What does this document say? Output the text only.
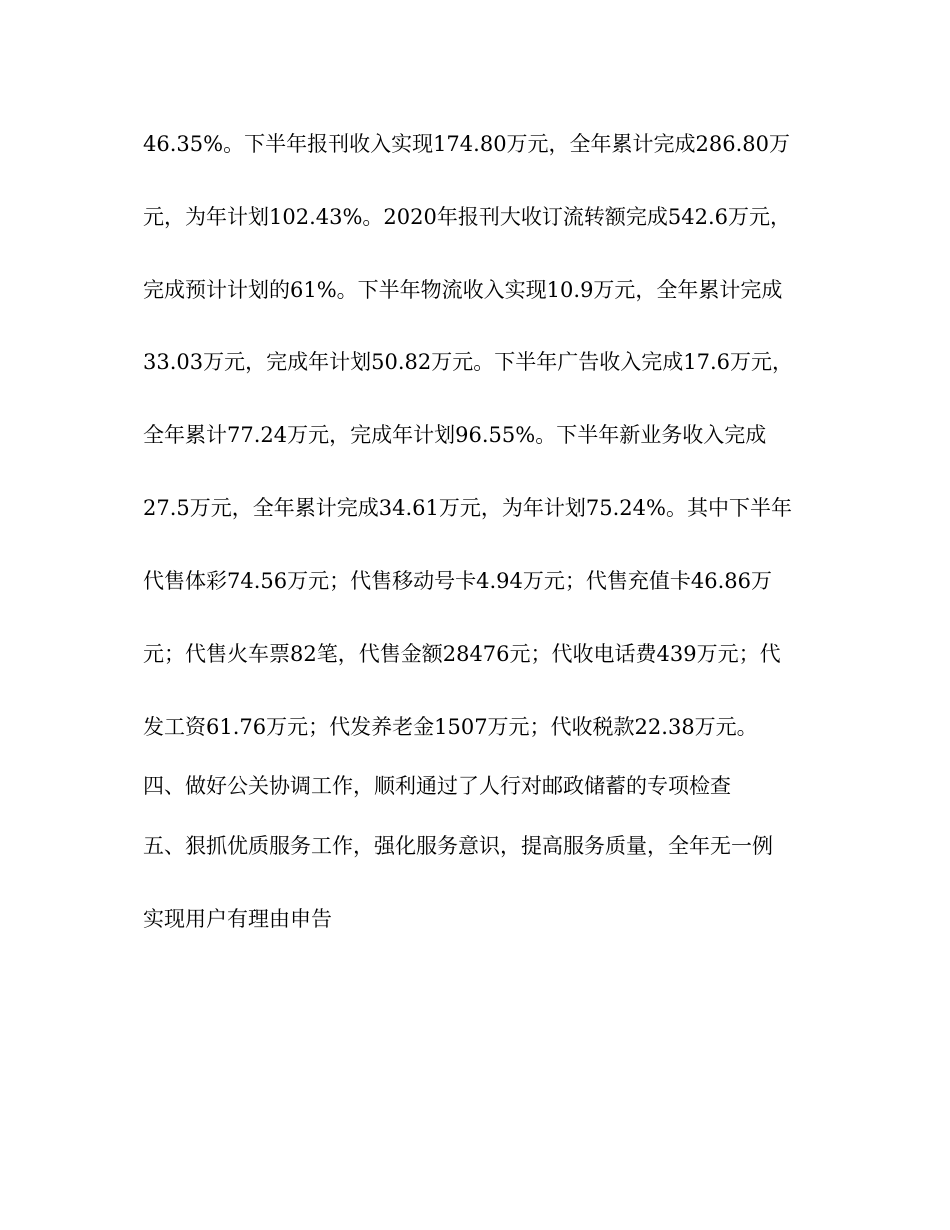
46.35%。下半年报刊收入实现174.80万元，全年累计完成286.80万
元，为年计划102.43%。2020年报刊大收订流转额完成542.6万元，
完成预计计划的61%。下半年物流收入实现10.9万元，全年累计完成
33.03万元，完成年计划50.82万元。下半年广告收入完成17.6万元，
全年累计77.24万元，完成年计划96.55%。下半年新业务收入完成
27.5万元，全年累计完成34.61万元，为年计划75.24%。其中下半年
代售体彩74.56万元；代售移动号卡4.94万元；代售充值卡46.86万
元；代售火车票82笔，代售金额28476元；代收电话费439万元；代
发工资61.76万元；代发养老金1507万元；代收税款22.38万元。
四、做好公关协调工作，顺利通过了人行对邮政储蓄的专项检查
五、狠抓优质服务工作，强化服务意识，提高服务质量，全年无一例
实现用户有理由申告
